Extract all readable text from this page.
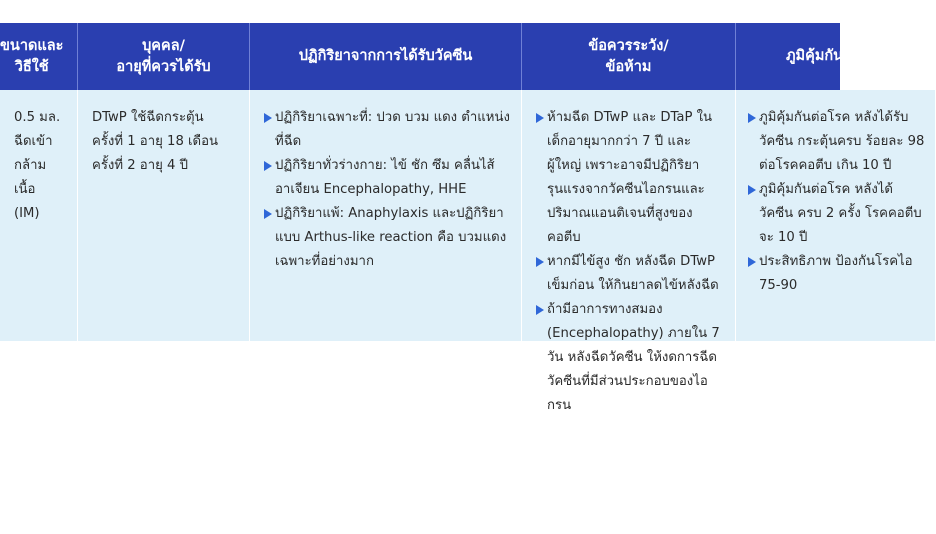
ขนาดและ
วิธีใช้
บุคคล/
อายุที่ควรได้รับ
ปฏิกิริยาจากการได้รับวัคซีน
ข้อควรระวัง/
ข้อห้าม
ภูมิคุ้มกัน
0.5 มล.
ฉีดเข้า
กล้ามเนื้อ
(IM)
DTwP ใช้ฉีดกระตุ้น
ครั้งที่ 1 อายุ 18 เดือน
ครั้งที่ 2 อายุ 4 ปี
ปฏิกิริยาเฉพาะที่: ปวด บวม แดง ตำแหน่งที่ฉีด
ปฏิกิริยาทั่วร่างกาย: ไข้ ชัก ซึม คลื่นไส้ อาเจียน Encephalopathy, HHE
ปฏิกิริยาแพ้: Anaphylaxis และปฏิกิริยาแบบ Arthus-like reaction คือ บวมแดงเฉพาะที่อย่างมาก
ห้ามฉีด DTwP และ DTaP ในเด็กอายุมากกว่า 7 ปี และผู้ใหญ่ เพราะอาจมีปฏิกิริยารุนแรงจากวัคซีนไอกรนและปริมาณแอนติเจนที่สูงของ คอตีบ
หากมีไข้สูง ชัก หลังฉีด DTwP เข็มก่อน ให้กินยาลดไข้หลังฉีด
ถ้ามีอาการทางสมอง (Encephalopathy) ภายใน 7 วัน หลังฉีดวัคซีน ให้งดการฉีดวัคซีนที่มีส่วนประกอบของไอกรน
ภูมิคุ้มกันต่อโรค หลังได้รับวัคซีน กระตุ้นครบ ร้อยละ 98 ต่อโรคคอตีบ เกิน 10 ปี
ภูมิคุ้มกันต่อโรค หลังได้วัคซีน ครบ 2 ครั้ง โรคคอตีบจะ 10 ปี
ประสิทธิภาพ ป้องกันโรคไอ 75-90
